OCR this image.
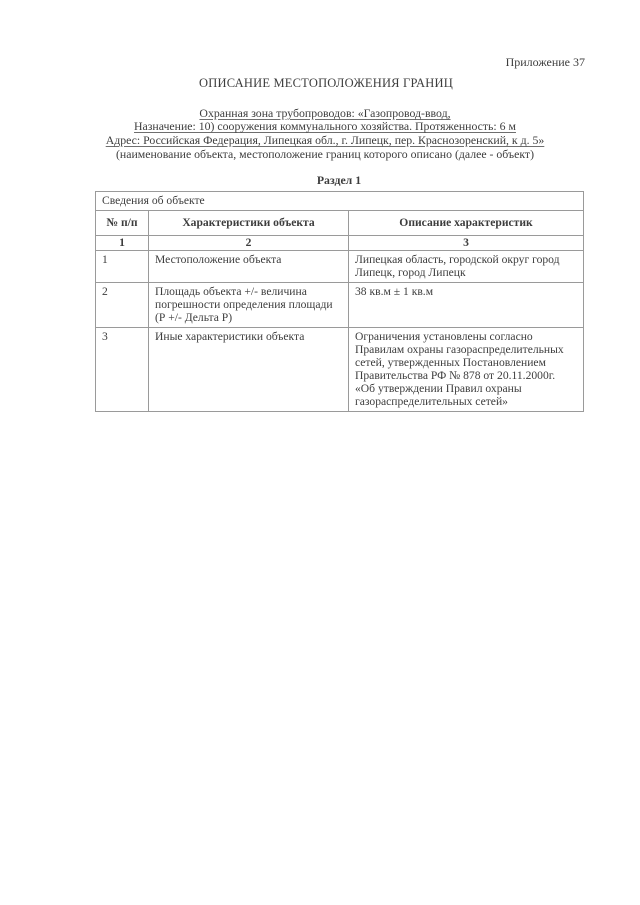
Приложение 37
ОПИСАНИЕ МЕСТОПОЛОЖЕНИЯ ГРАНИЦ
Охранная зона трубопроводов: «Газопровод-ввод,
Назначение: 10) сооружения коммунального хозяйства. Протяженность: 6 м
Адрес: Российская Федерация, Липецкая обл., г. Липецк, пер. Краснозоренский, к д. 5»
(наименование объекта, местоположение границ которого описано (далее - объект)
Раздел 1
Сведения об объекте		
№ п/п	Характеристики объекта	Описание характеристик
1	2	3
1	Местоположение объекта	Липецкая область, городской округ город Липецк, город Липецк
2	Площадь объекта +/- величина погрешности определения площади (Р +/- Дельта Р)	38 кв.м ± 1 кв.м
3	Иные характеристики объекта	Ограничения установлены согласно Правилам охраны газораспределительных сетей, утвержденных Постановлением Правительства РФ № 878 от 20.11.2000г. «Об утверждении Правил охраны газораспределительных сетей»
